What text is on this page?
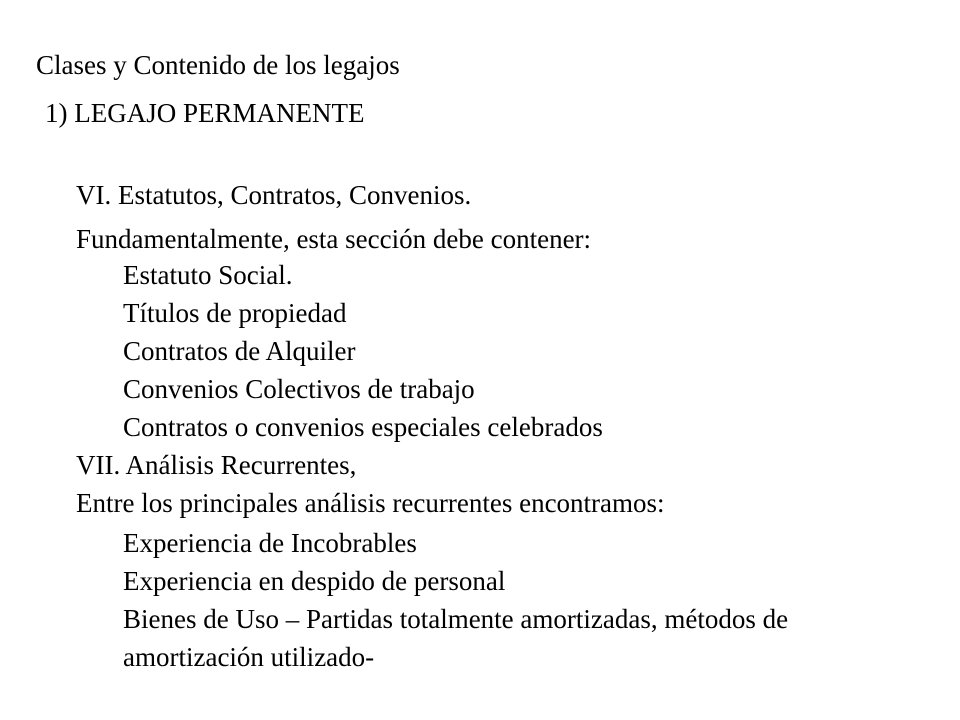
Clases y Contenido de los legajos
1) LEGAJO PERMANENTE
VI. Estatutos, Contratos, Convenios.
Fundamentalmente, esta sección debe contener:
Estatuto Social.
Títulos de propiedad
Contratos de Alquiler
Convenios Colectivos de trabajo
Contratos o convenios especiales celebrados
VII. Análisis Recurrentes,
Entre los principales análisis recurrentes encontramos:
Experiencia de Incobrables
Experiencia en despido de personal
Bienes de Uso – Partidas totalmente amortizadas, métodos de
amortización utilizado-
